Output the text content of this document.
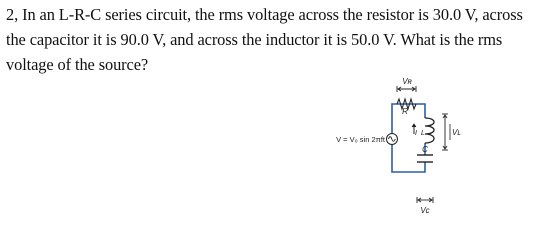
2, In an L-R-C series circuit, the rms voltage across the resistor is 30.0 V, across
the capacitor it is 90.0 V, and across the inductor it is 50.0 V. What is the rms
voltage of the source?
R
Vʀ
I L	Vʟ
C
Vᴄ
V = V₀ sin 2πft
